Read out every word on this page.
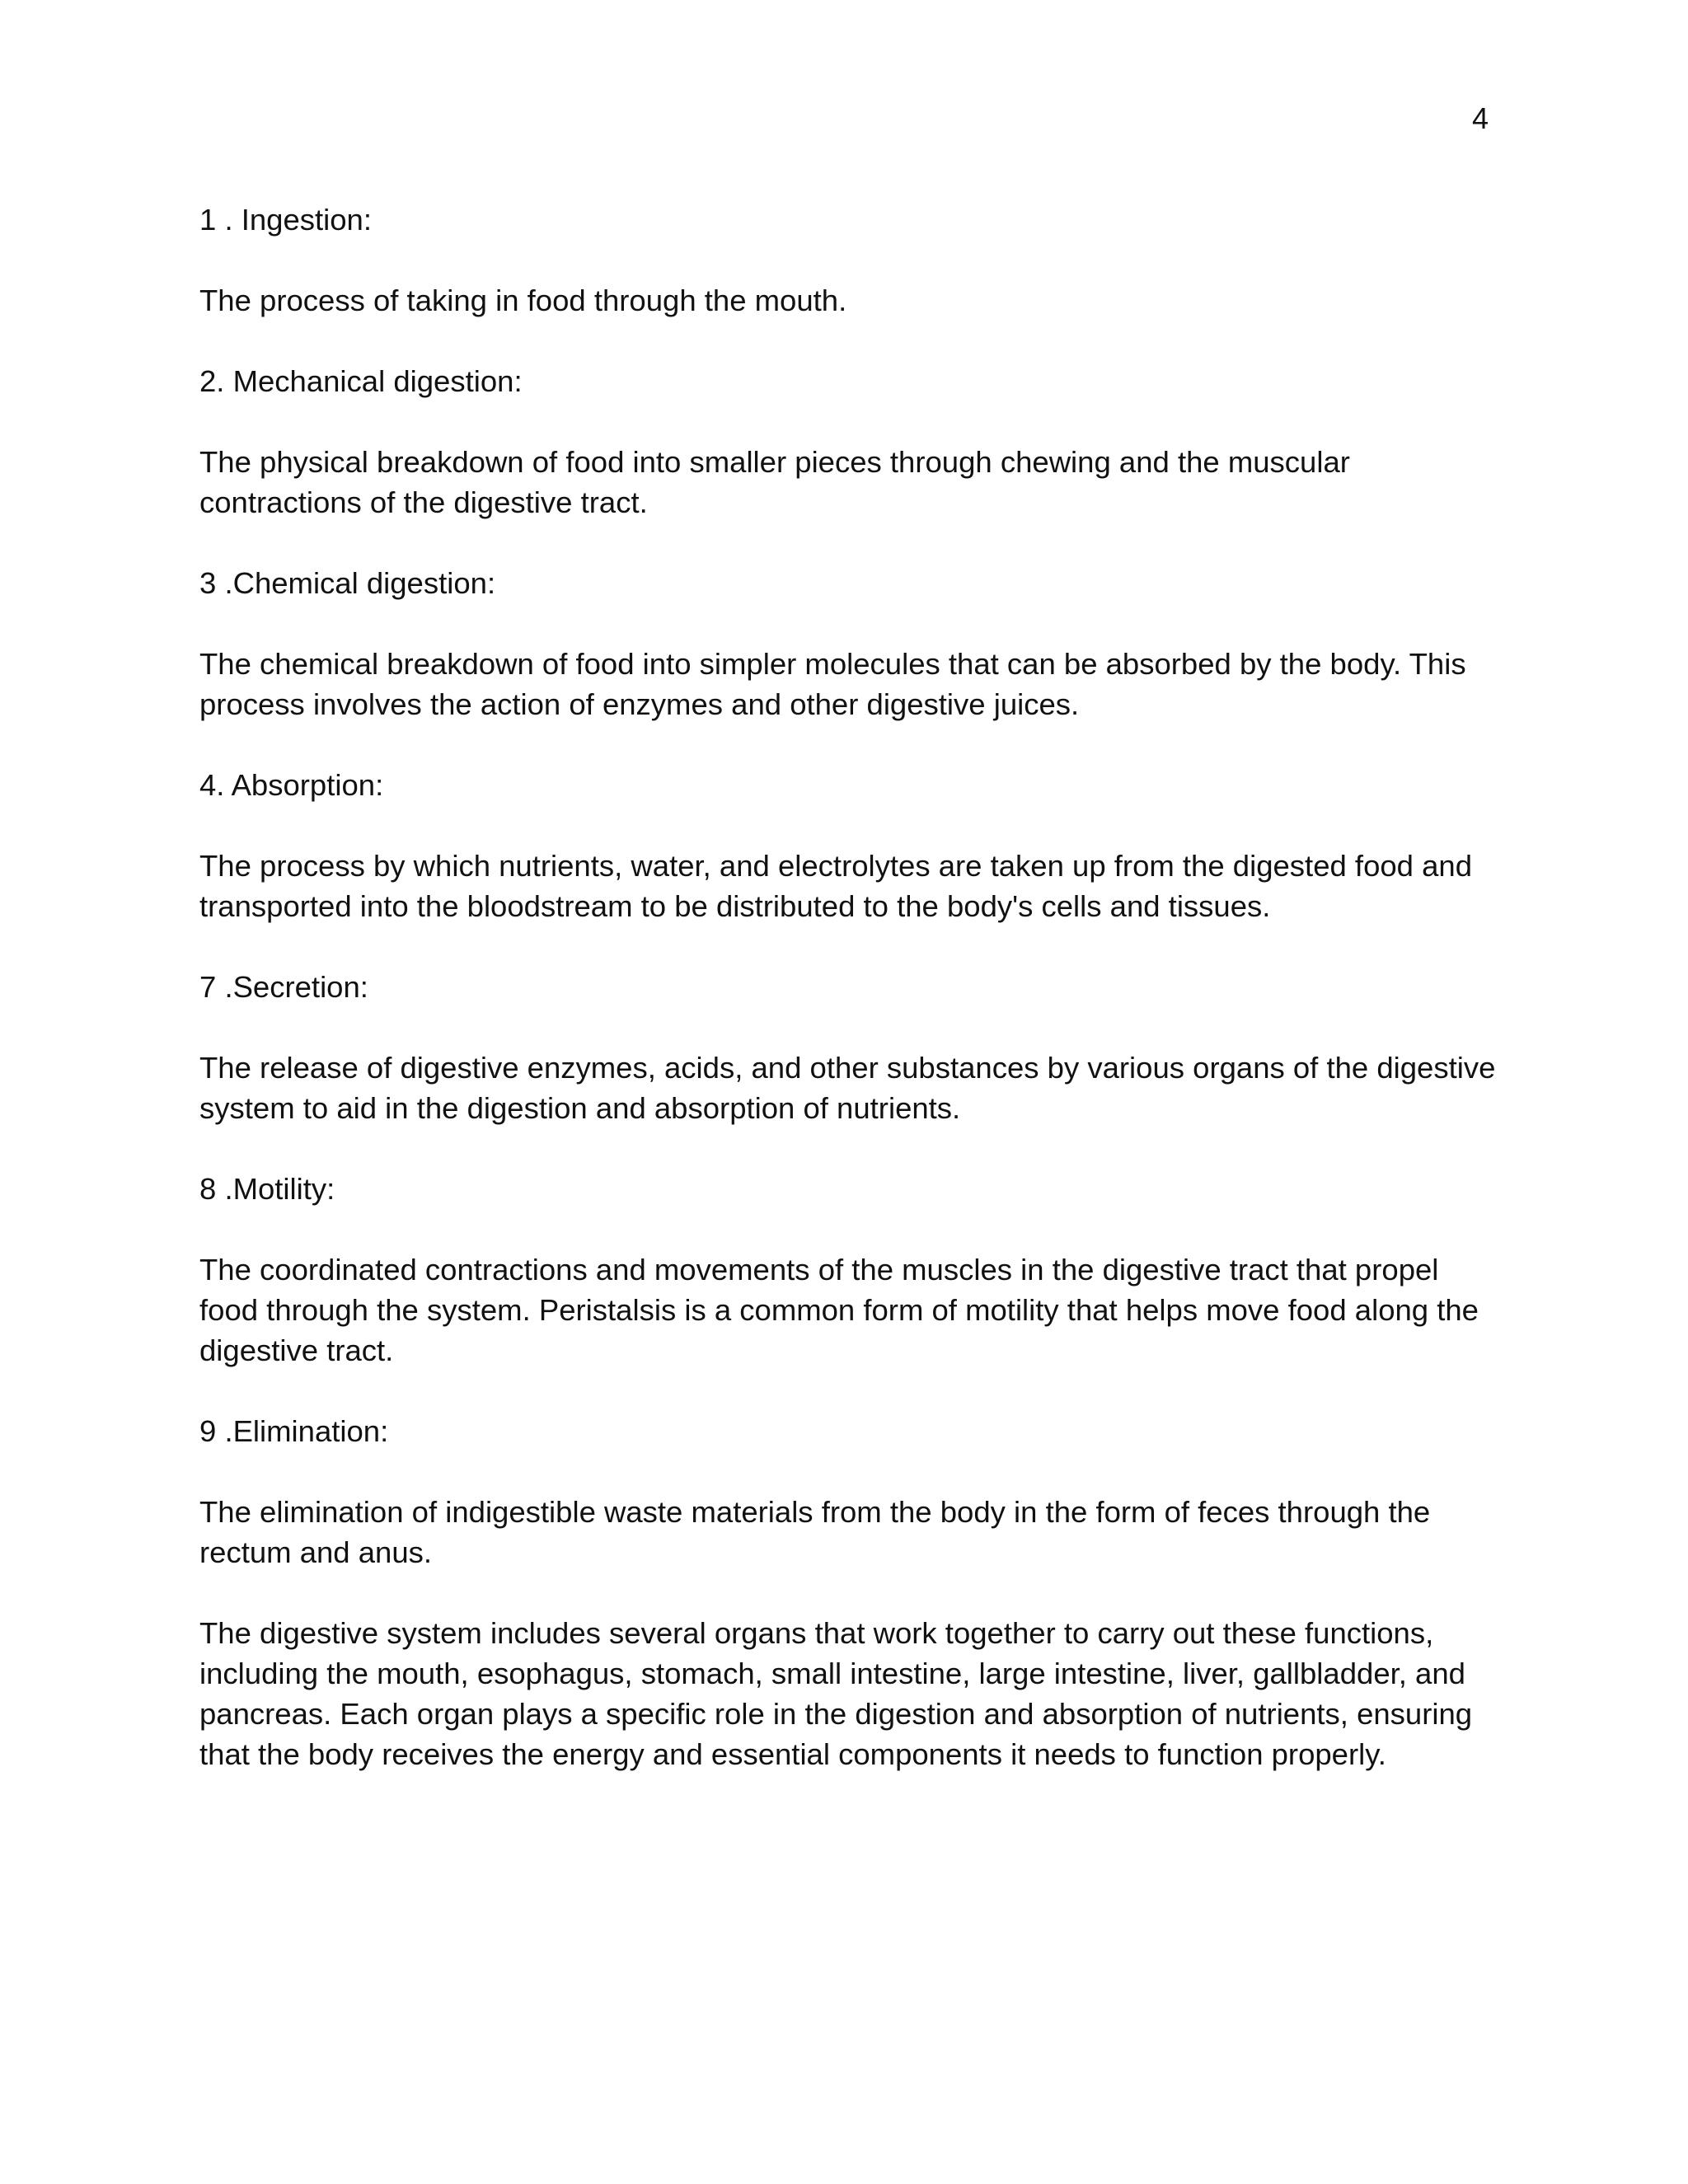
4

1 . Ingestion:

The process of taking in food through the mouth.

2. Mechanical digestion:

The physical breakdown of food into smaller pieces through chewing and the muscular contractions of the digestive tract.

3 .Chemical digestion:

The chemical breakdown of food into simpler molecules that can be absorbed by the body. This process involves the action of enzymes and other digestive juices.

4. Absorption:

The process by which nutrients, water, and electrolytes are taken up from the digested food and transported into the bloodstream to be distributed to the body's cells and tissues.

7 .Secretion:

The release of digestive enzymes, acids, and other substances by various organs of the digestive system to aid in the digestion and absorption of nutrients.

8 .Motility:

The coordinated contractions and movements of the muscles in the digestive tract that propel food through the system. Peristalsis is a common form of motility that helps move food along the digestive tract.

9 .Elimination:

The elimination of indigestible waste materials from the body in the form of feces through the rectum and anus.

The digestive system includes several organs that work together to carry out these functions, including the mouth, esophagus, stomach, small intestine, large intestine, liver, gallbladder, and pancreas. Each organ plays a specific role in the digestion and absorption of nutrients, ensuring that the body receives the energy and essential components it needs to function properly.
